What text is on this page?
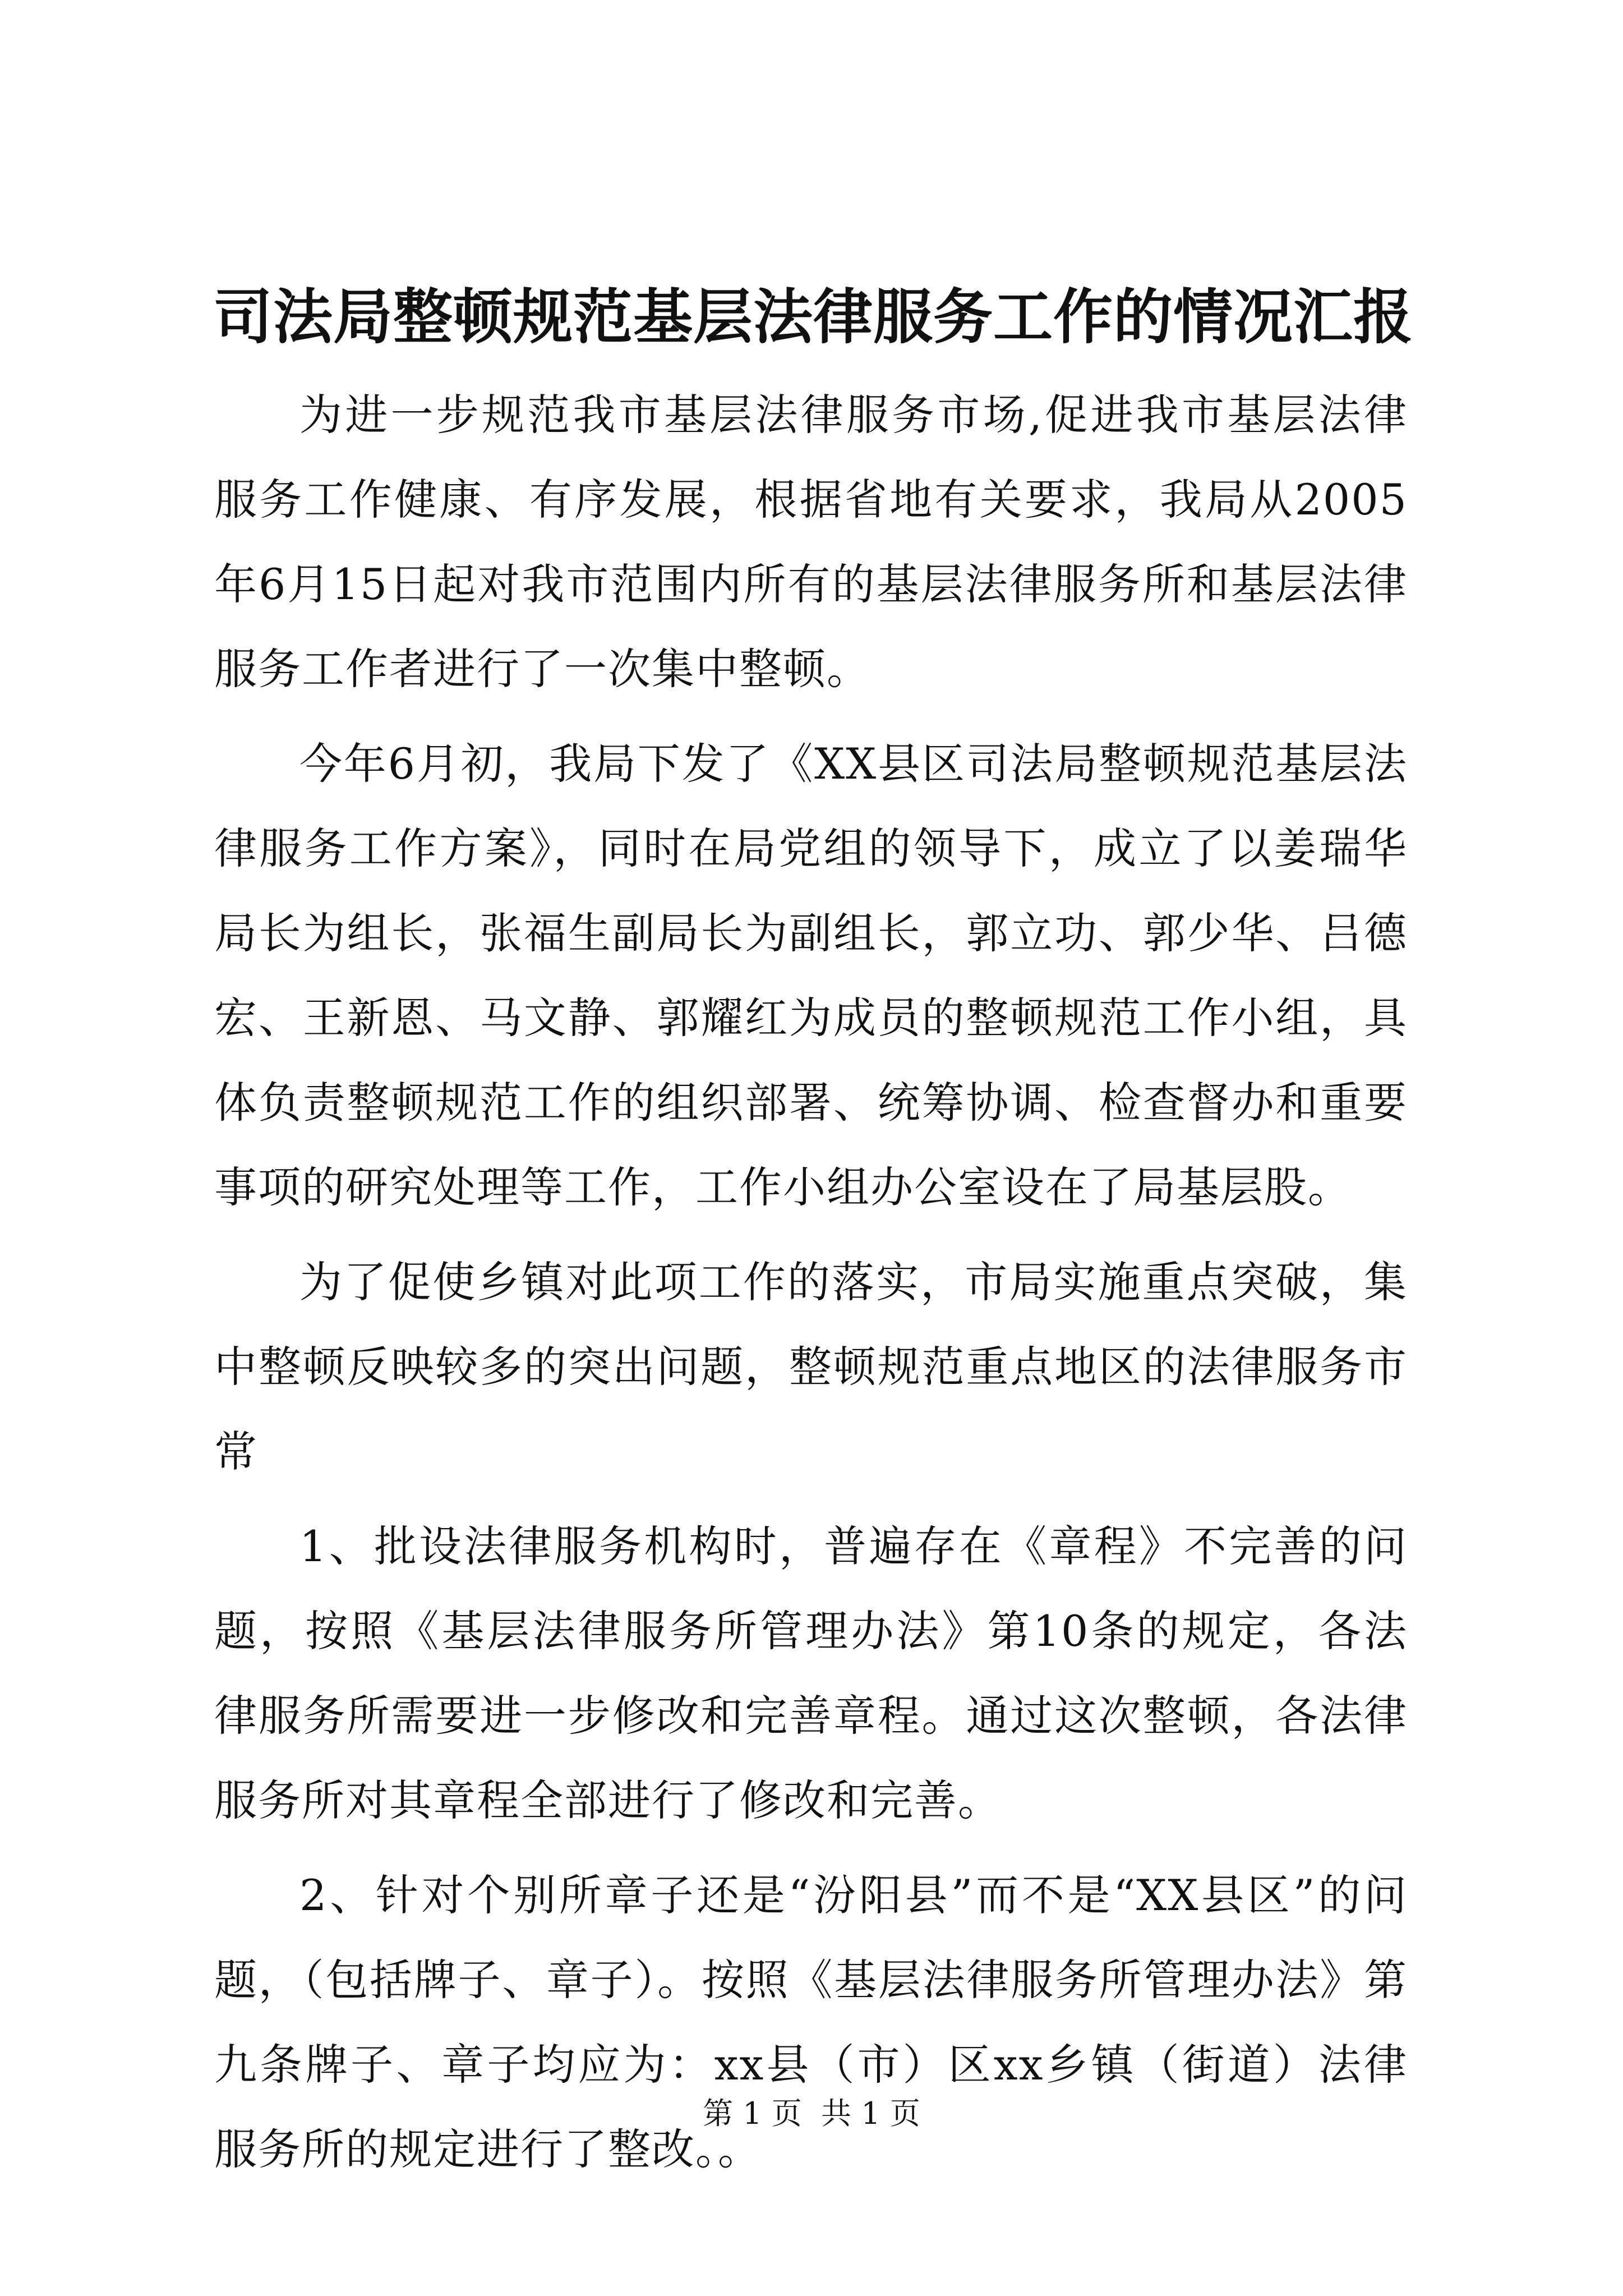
司法局整顿规范基层法律服务工作的情况汇报

为进一步规范我市基层法律服务市场,促进我市基层法律服务工作健康、有序发展，根据省地有关要求，我局从2005年6月15日起对我市范围内所有的基层法律服务所和基层法律服务工作者进行了一次集中整顿。

今年6月初，我局下发了《XX县区司法局整顿规范基层法律服务工作方案》，同时在局党组的领导下，成立了以姜瑞华局长为组长，张福生副局长为副组长，郭立功、郭少华、吕德宏、王新恩、马文静、郭耀红为成员的整顿规范工作小组，具体负责整顿规范工作的组织部署、统筹协调、检查督办和重要事项的研究处理等工作，工作小组办公室设在了局基层股。

为了促使乡镇对此项工作的落实，市局实施重点突破，集中整顿反映较多的突出问题，整顿规范重点地区的法律服务市常

1、批设法律服务机构时，普遍存在《章程》不完善的问题，按照《基层法律服务所管理办法》第10条的规定，各法律服务所需要进一步修改和完善章程。通过这次整顿，各法律服务所对其章程全部进行了修改和完善。

2、针对个别所章子还是“汾阳县”而不是“XX县区”的问题，（包括牌子、章子）。按照《基层法律服务所管理办法》第九条牌子、章子均应为：xx县（市）区xx乡镇（街道）法律服务所的规定进行了整改。。

第 1 页  共 1 页
